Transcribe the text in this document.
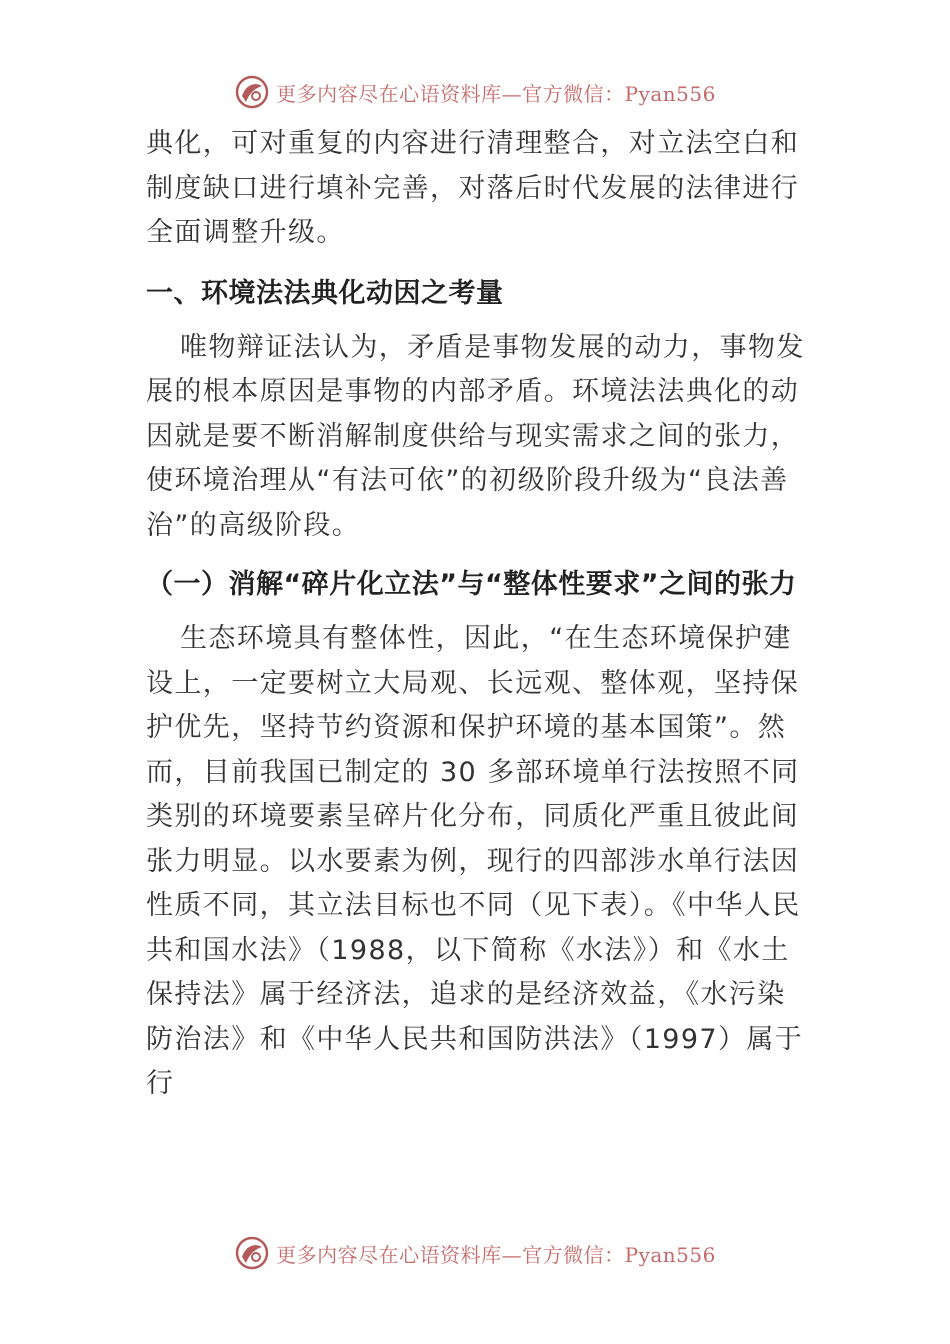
更多内容尽在心语资料库—官方微信：Pyan556

典化，可对重复的内容进行清理整合，对立法空白和制度缺口进行填补完善，对落后时代发展的法律进行全面调整升级。

一、环境法法典化动因之考量

唯物辩证法认为，矛盾是事物发展的动力，事物发展的根本原因是事物的内部矛盾。环境法法典化的动因就是要不断消解制度供给与现实需求之间的张力，使环境治理从“有法可依”的初级阶段升级为“良法善治”的高级阶段。

（一）消解“碎片化立法”与“整体性要求”之间的张力

生态环境具有整体性，因此，“在生态环境保护建设上，一定要树立大局观、长远观、整体观，坚持保护优先，坚持节约资源和保护环境的基本国策”。然而，目前我国已制定的 30 多部环境单行法按照不同类别的环境要素呈碎片化分布，同质化严重且彼此间张力明显。以水要素为例，现行的四部涉水单行法因性质不同，其立法目标也不同（见下表）。《中华人民共和国水法》（1988，以下简称《水法》）和《水土保持法》属于经济法，追求的是经济效益，《水污染防治法》和《中华人民共和国防洪法》（1997）属于行

更多内容尽在心语资料库—官方微信：Pyan556
